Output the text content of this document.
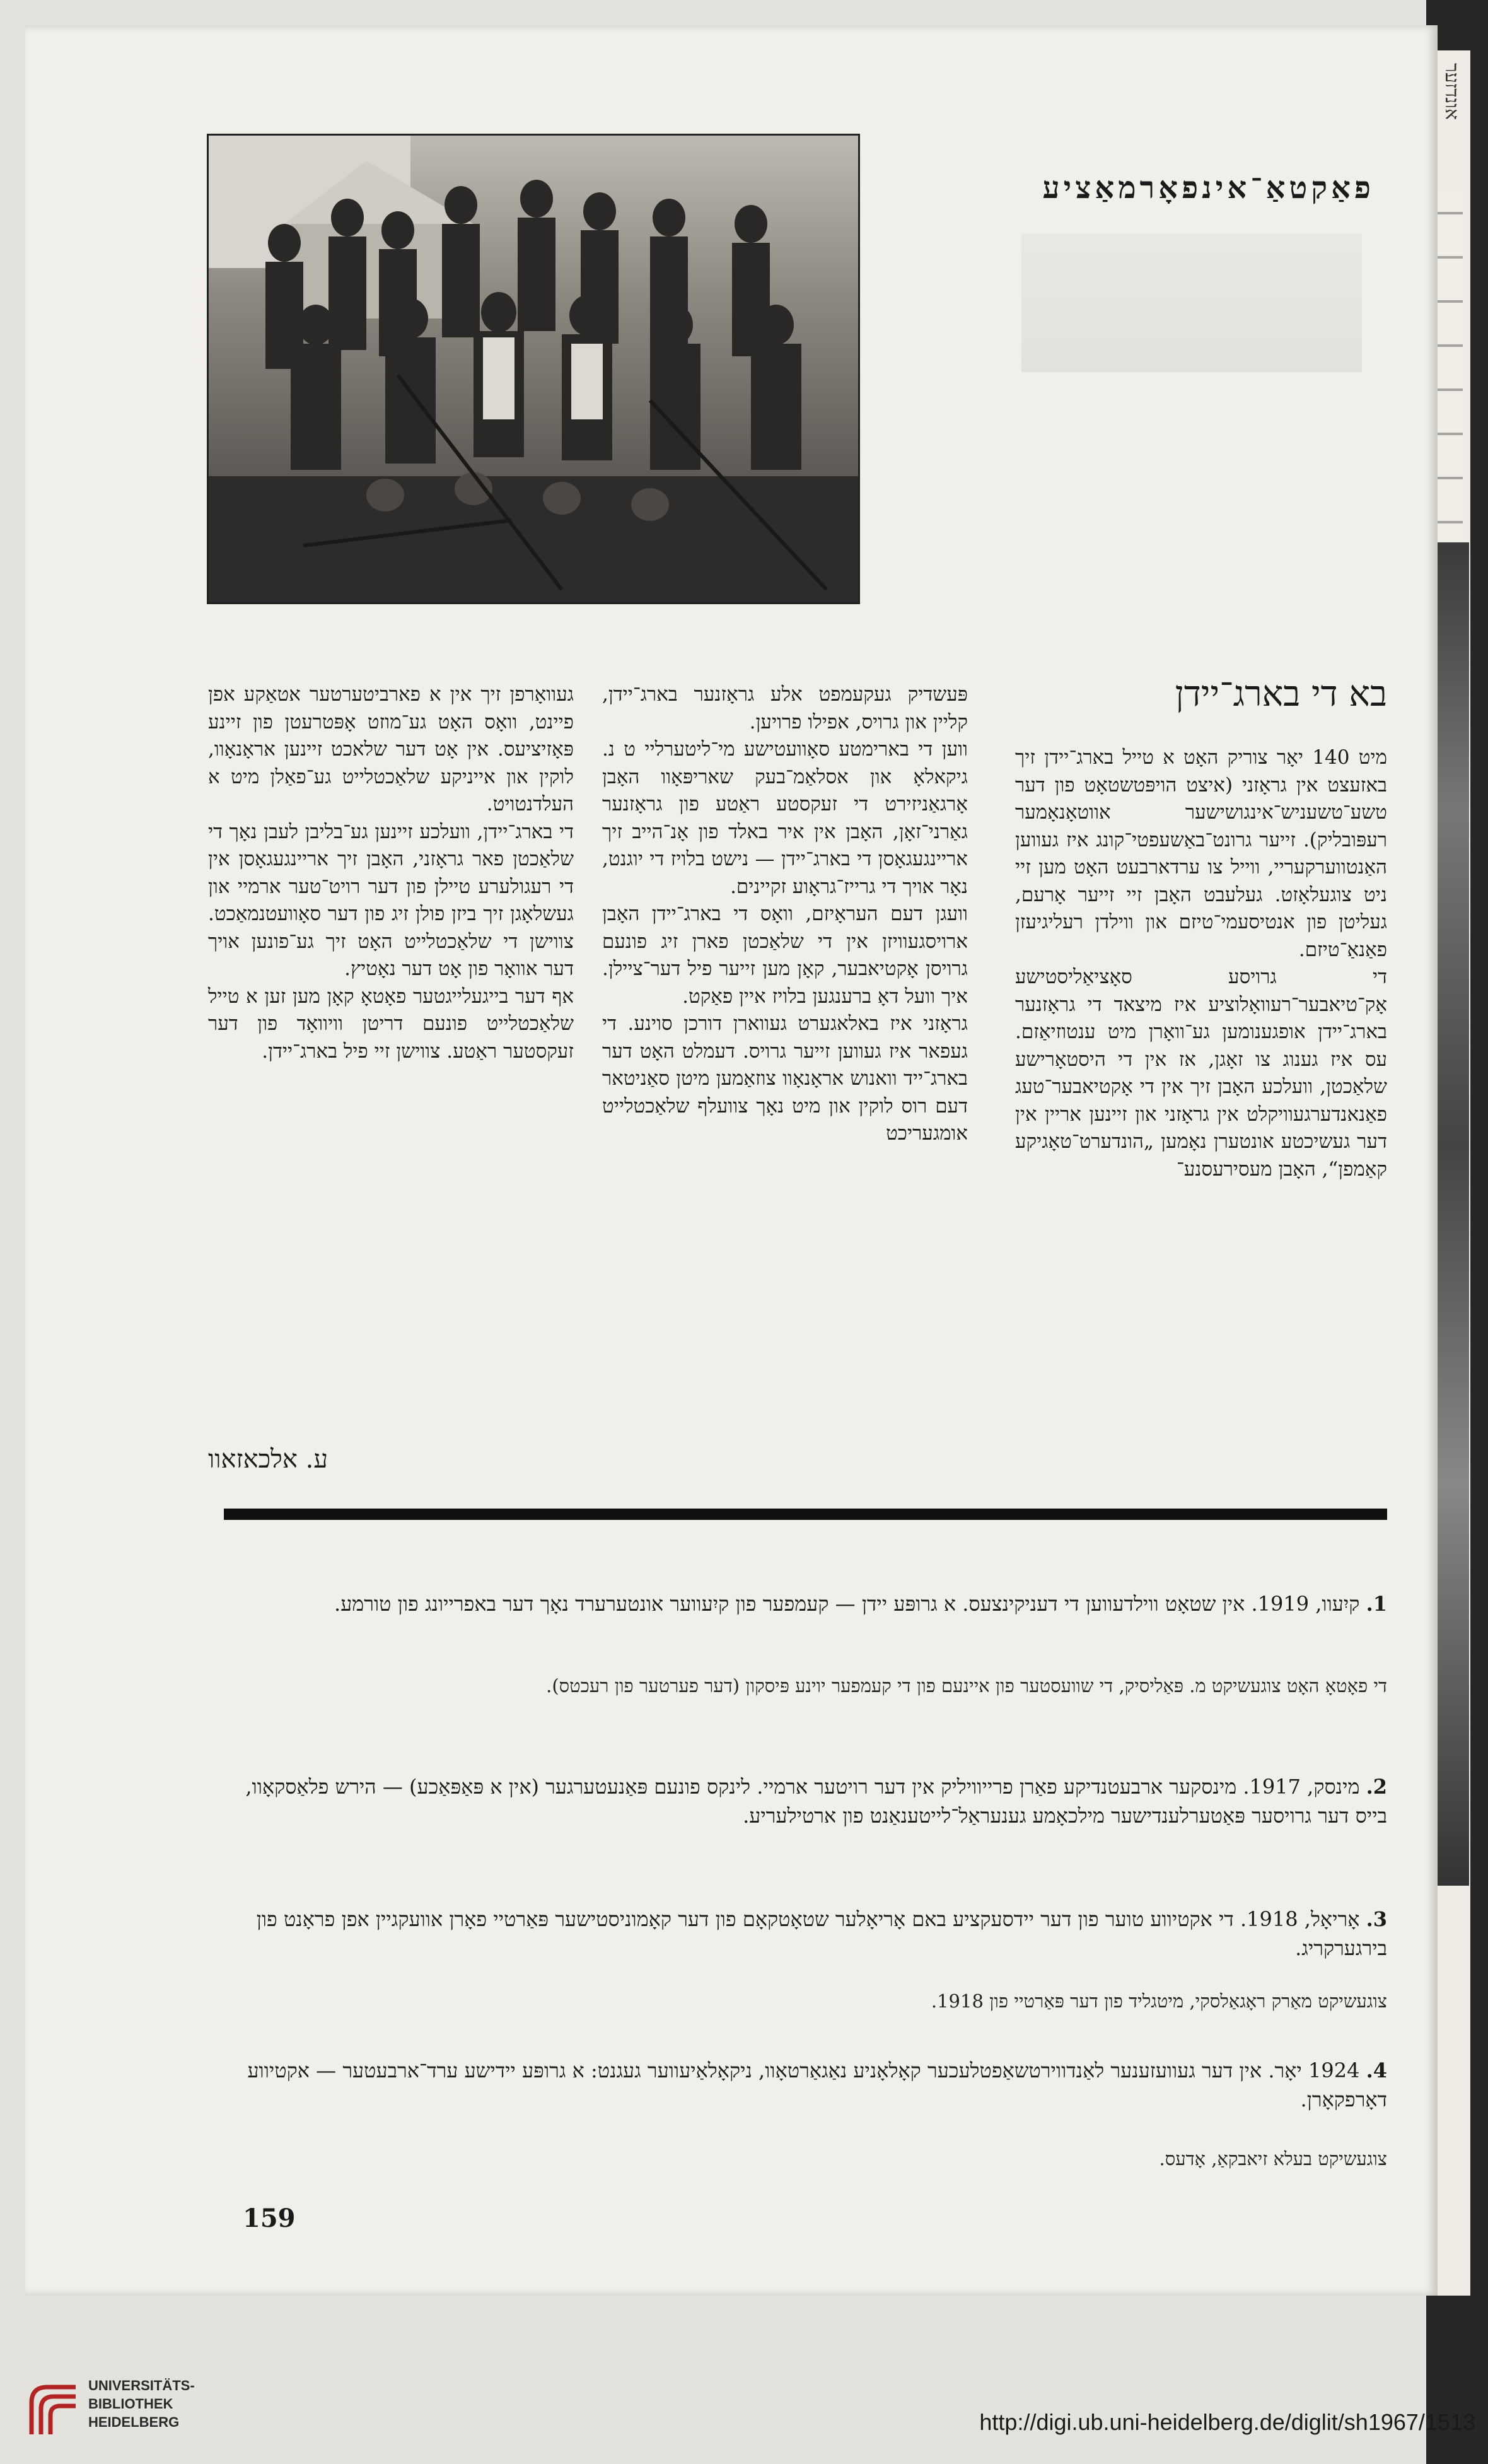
אונדזער
פאַקטאַ־אינפאָרמאַציע
בא די בארג־יידן

מיט 140 יאָר צוריק האָט א טייל בארג־יידן זיך באזעצט אין גראָזני (איצט הויפּטשטאָט פון דער טשע־טשעניש־אינגושישער אווטאָנאָמער רעפּובליק). זייער גרונט־באַשעפטי־קונג איז געווען האַנטווערקעריי, ווייל צו ערדארבעט האָט מען זיי ניט צוגעלאָזט. געלעבט האָבן זיי זייער אָרעם, געליטן פון אנטיסעמי־טיזם און ווילדן רעליגיעזן פאַנאַ־טיזם.

די גרויסע סאָציאַליסטישע אָק־טיאבער־רעוואָלוציע איז מיצאד די גראָזנער בארג־יידן אופגענומען גע־וואָרן מיט ענטוזיאַזם. עס איז גענוג צו זאָגן, אז אין די היסטאָרישע שלאַכטן, וועלכע האָבן זיך אין די אָקטיאבער־טעג פאַנאנדערגעוויקלט אין גראָזני און זיינען אריין אין דער געשיכטע אונטערן נאָמען „הונדערט־טאָגיקע קאַמפן“, האָבן מעסירעסנע־

פּעשדיק געקעמפט אלע גראָזנער בארג־יידן, קליין און גרויס, אפילו פרויען.

ווען די בארימטע סאָוועטישע מי־ליטערליי ט נ. גיקאלאָ און אסלאַמ־בעק שאריפּאָוו האָבן אָרגאַניזירט די זעקסטע ראַטע פון גראָזנער גאַרני־זאָן, האָבן אין איר באלד פון אָנ־הייב זיך אריינגעגאָסן די בארג־יידן — נישט בלויז די יוגנט, נאָר אויך די גרייז־גראָוע זקיינים.

וועגן דעם העראָיזם, וואָס די בארג־יידן האָבן ארויסגעוויזן אין די שלאַכטן פארן זיג פונעם גרויסן אָקטיאבער, קאָן מען זייער פיל דער־ציילן. איך וועל דאָ ברענגען בלויז איין פאַקט.

גראָזני איז באלאגערט געווארן דורכן סוינע. די געפאר איז געווען זייער גרויס. דעמלט האָט דער בארג־ייד וואנוש אראָנאָוו צוזאַמען מיטן סאַניטאר דעם רוס לוקין און מיט נאָך צוועלף שלאַכטלייט אומגעריכט

געוואָרפן זיך אין א פארביטערטער אטאַקע אפן פיינט, וואָס האָט גע־מוזט אָפּטרעטן פון זיינע פּאָזיציעס. אין אָט דער שלאכט זיינען אראָנאָוו, לוקין און אייניקע שלאַכטלייט גע־פאַלן מיט א העלדנטויט.

די בארג־יידן, וועלכע זיינען גע־בליבן לעבן נאָך די שלאַכטן פאר גראָזני, האָבן זיך אריינגעגאָסן אין די רעגולערע טיילן פון דער רויט־טער ארמיי און געשלאָגן זיך ביזן פולן זיג פון דער סאָוועטנמאַכט. צווישן די שלאַכטלייט האָט זיך גע־פונען אויך דער אוואָר פון אָט דער נאָטיץ.

אף דער בייגעלייגטער פאָטאָ קאָן מען זען א טייל שלאַכטלייט פונעם דריטן וויוואָד פון דער זעקסטער ראַטע. צווישן זיי פיל בארג־יידן.

ע. אלכאזאוו
1. קיִעוו, 1919. אין שטאָט ווילדעווען די דעניקינצעס. א גרופּע יידן — קעמפער פון קיִעווער אונטערערד נאָך דער באפרייונג פון טורמע.
די פאָטאָ האָט צוגעשיקט מ. פּאַליסיק, די שוועסטער פון איינעם פון די קעמפער יוינע פּיסקון (דער פערטער פון רעכטס).
2. מינסק, 1917. מינסקער ארבעטנדיקע פאַרן פרייוויליק אין דער רויטער ארמיי. לינקס פונעם פּאַנעטערגער (אין א פּאַפּאַכע) — הירש פלאַסקאָוו, בייס דער גרויסער פּאַטערלענדישער מילכאָמע גענעראַל־לייטענאַנט פון ארטילעריע.
3. אָריאָל, 1918. די אקטיווע טוער פון דער יידסעקציע באם אָריאָלער שטאָטקאָם פון דער קאָמוניסטישער פּאַרטיי פאָרן אוועקגיין אפן פראָנט פון בירגערקריג.
צוגעשיקט מאַרק ראָגאַלסקי, מיטגליד פון דער פּאַרטיי פון 1918.
4. 1924 יאָר. אין דער געוועזענער לאַנדווירטשאַפטלעכער קאָלאָניע נאַגאַרטאָוו, ניקאָלאַיעווער געגנט: א גרופּע יידישע ערד־ארבעטער — אקטיווע דאָרפקאָרן.
צוגעשיקט בעלא זיאבקאַ, אָדעס.
159
UNIVERSITÄTS-
BIBLIOTHEK
HEIDELBERG	http://digi.ub.uni-heidelberg.de/diglit/sh1967/1513
